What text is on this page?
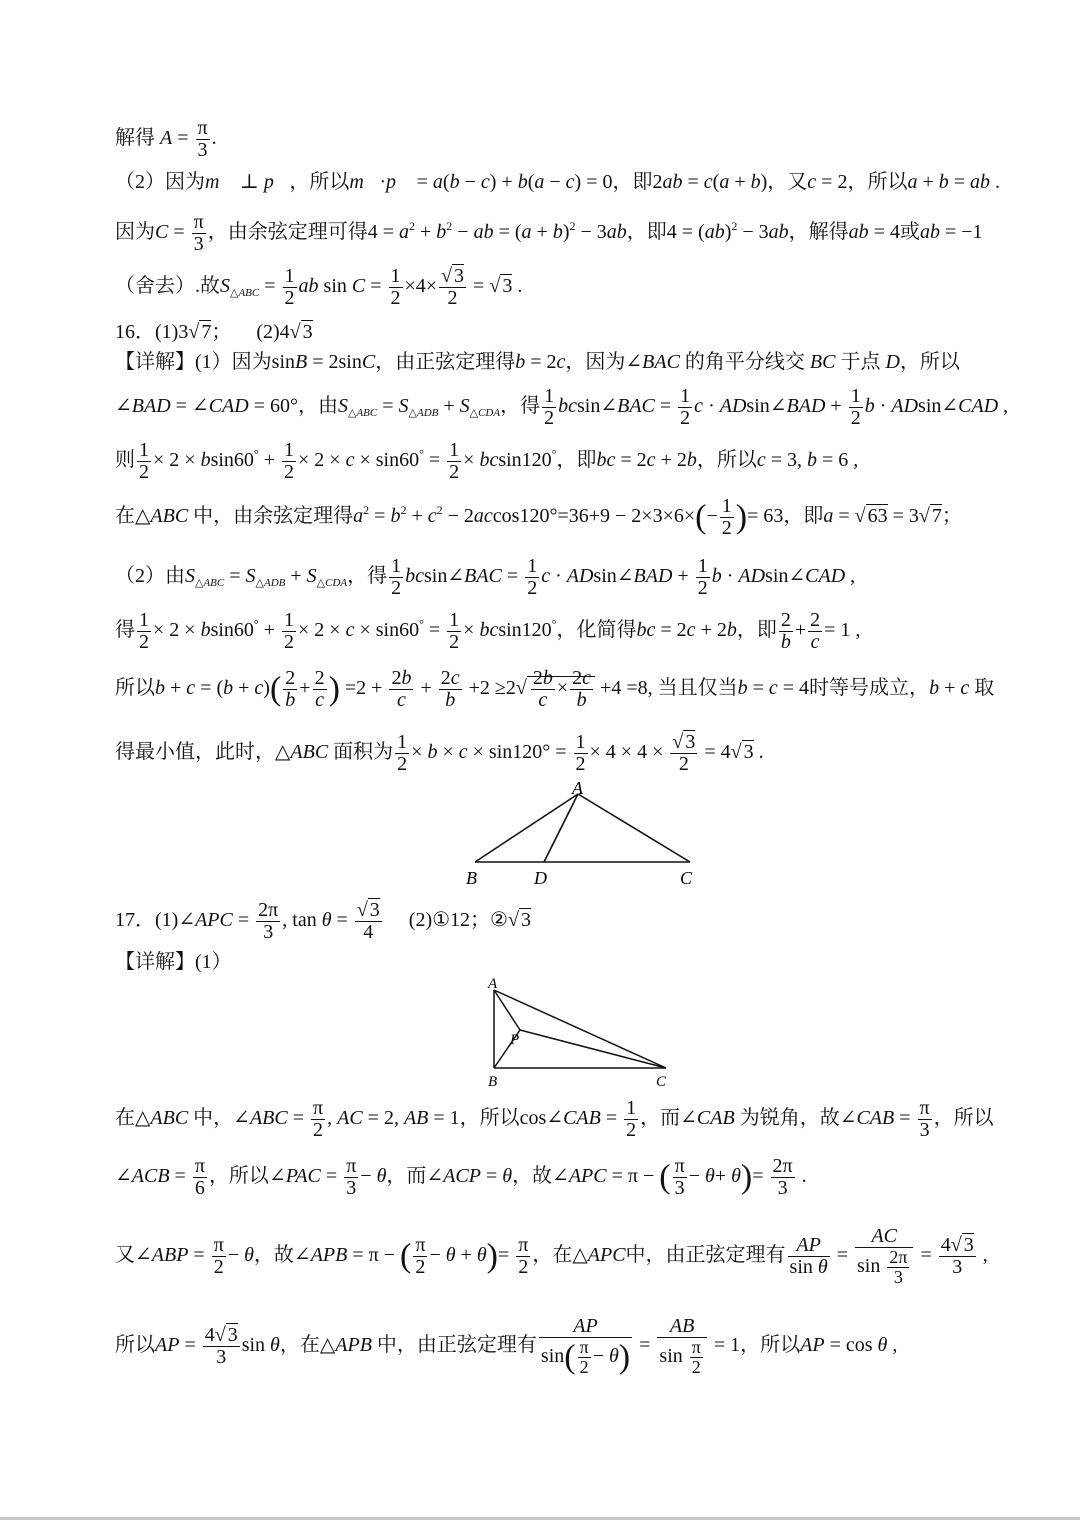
解得 $A = \frac{\pi}{3}$ .
（2）因为m⃗ ⊥ p⃗，所以m⃗·p⃗ = a(b − c) + b(a − c) = 0，即2ab = c(a + b)，又c = 2，所以a + b = ab .
因为$C = \frac{\pi}{3}$ ，由余弦定理可得$4 = a^2 + b^2$ − ab = $(a + b)^2 - 3ab$，即4 = (ab)$^2$ − 3ab，解得ab = 4或ab = −1
（舍去）.故$S_{\triangle ABC} = \frac{1}{2}$ ab $\sin C = \frac{1}{2} \times 4\times \frac{√ 3}{2}$ = √ 3 .
16．(1)3√ 7；     (2)4√ 3
【详解】(1）因为sinB = 2sinC，由正弦定理得b = 2c，因为∠BAC 的角平分线交 BC 于点 D，所以
∠BAD = ∠CAD = 60°，由$S_{\triangle ABC} = S_{\triangle ADB} + S_{\triangle CDA}$，得 $\frac{1}{2}$ bcsin∠BAC = $\frac{1}{2}$ c · ADsin∠BAD + $\frac{1}{2}$ b · ADsin∠CAD ,
则 $\frac{1}{2} \times 2 \times bsin60^\circ + \frac{1}{2} \times 2 \times c \times \sin 60^\circ = \frac{1}{2} \times bcsin120^\circ$，即bc = 2c + 2b，所以c = 3, b = 6 ,
在△ABC 中，由余弦定理得$a^2 = b^2 + c^2 - 2accos120^\circ=36+9 - 2\times 3\times 6\times(- \frac{1}{2}$ )= 63，即a = √ 63 = 3√ 7；
（2）由$S_{\triangle ABC} = S_{\triangle ADB} + S_{\triangle CDA}$，得 $\frac{1}{2}$ bcsin∠BAC = $\frac{1}{2}$ c · ADsin∠BAD + $\frac{1}{2}$ b · ADsin∠CAD ,
得 $\frac{1}{2} \times 2 \times bsin60^\circ + \frac{1}{2} \times 2 \times c \times \sin 60^\circ = \frac{1}{2} \times bcsin120^\circ$，化简得bc = 2c + 2b，即 $\frac{2}{b} + \frac{2}{c} = 1$ ,
所以$b + c = (b + c)( \frac{2}{b} + \frac{2}{c}$ ) $=2 + \frac{2b}{c} + \frac{2c}{b} +2 \ge 2√ \frac{2b}{c} \times \frac{2c}{b} +4 =8$, 当且仅当b = c = 4时等号成立，b + c 取
得最小值，此时，△ABC 面积为 $\frac{1}{2} \times b \times c \times \sin 120^\circ = \frac{1}{2} \times 4 \times 4 \times \frac{√ 3}{2} = 4√$ 3 .
A
B	D	C
17．(1)∠APC = $\frac{2\pi}{3}$ , $\tan \theta = \frac{√ 3}{4}$ (2)①12；②√ 3
【详解】(1）
A
P
B	C
在△ABC 中，∠ABC = $\frac{\pi}{2}$ , AC = 2, AB = 1，所以cos∠CAB = $\frac{1}{2}$ ，而∠CAB 为锐角，故∠CAB = $\frac{\pi}{3}$ ，所以
∠ACB = $\frac{\pi}{6}$ ，所以∠PAC = $\frac{\pi}{3} - \theta$，而∠ACP = θ，故∠APC = π − ( $\frac{\pi}{3} - \theta+ \theta)= \frac{2\pi}{3}$ .
又∠ABP = $\frac{\pi}{2} - \theta$，故∠APB = π − ( $\frac{\pi}{2} - \theta + \theta)= \frac{\pi}{2}$ ，在△APC中，由正弦定理有 $\frac{AP}{\text{sin θ}} = \frac{AC}{\sin \frac{2\pi}{3}} = \frac{4√ 3}{3}$ ,
所以AP = $\frac{4√ 3}{3}$ sin θ，在△APB 中，由正弦定理有 $\frac{AP}{\sin( \frac{\pi}{2} - \theta)} = \frac{AB}{\sin \frac{\pi}{2}} = 1$，所以AP = cos θ ,
